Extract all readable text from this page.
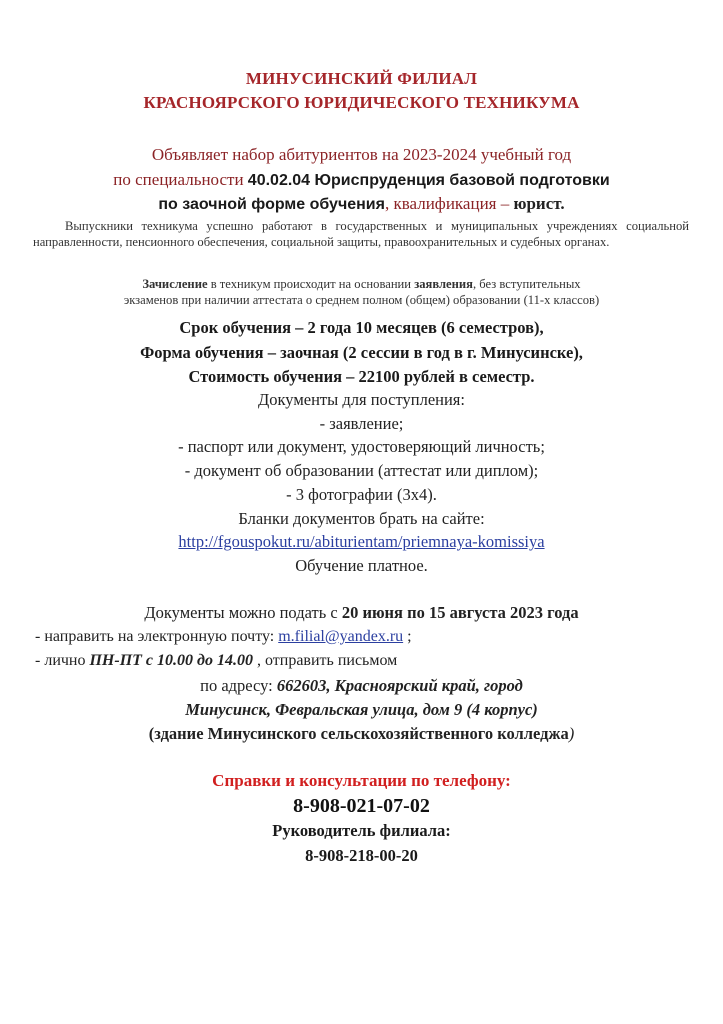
МИНУСИНСКИЙ ФИЛИАЛ
КРАСНОЯРСКОГО ЮРИДИЧЕСКОГО ТЕХНИКУМА
Объявляет набор абитуриентов на 2023-2024 учебный год
по специальности 40.02.04 Юриспруденция базовой подготовки
по заочной форме обучения, квалификация – юрист.
Выпускники техникума успешно работают в государственных и муниципальных учреждениях социальной направленности, пенсионного обеспечения, социальной защиты, правоохранительных и судебных органах.
Зачисление в техникум происходит на основании заявления, без вступительных
экзаменов при наличии аттестата о среднем полном (общем) образовании (11-х классов)
Срок обучения – 2 года 10 месяцев (6 семестров),
Форма обучения – заочная (2 сессии в год в г. Минусинске),
Стоимость обучения – 22100 рублей в семестр.
Документы для поступления:
- заявление;
- паспорт или документ, удостоверяющий личность;
- документ об образовании (аттестат или диплом);
- 3 фотографии (3х4).
Бланки документов брать на сайте:
http://fgouspokut.ru/abiturientam/priemnaya-komissiya
Обучение платное.
Документы можно подать с 20 июня по 15 августа 2023 года
- направить на электронную почту: m.filial@yandex.ru ;
- лично ПН-ПТ с 10.00 до 14.00 , отправить письмом
по адресу: 662603, Красноярский край, город
Минусинск, Февральская улица, дом 9 (4 корпус)
(здание Минусинского сельскохозяйственного колледжа)
Справки и консультации по телефону:
8-908-021-07-02
Руководитель филиала:
8-908-218-00-20
